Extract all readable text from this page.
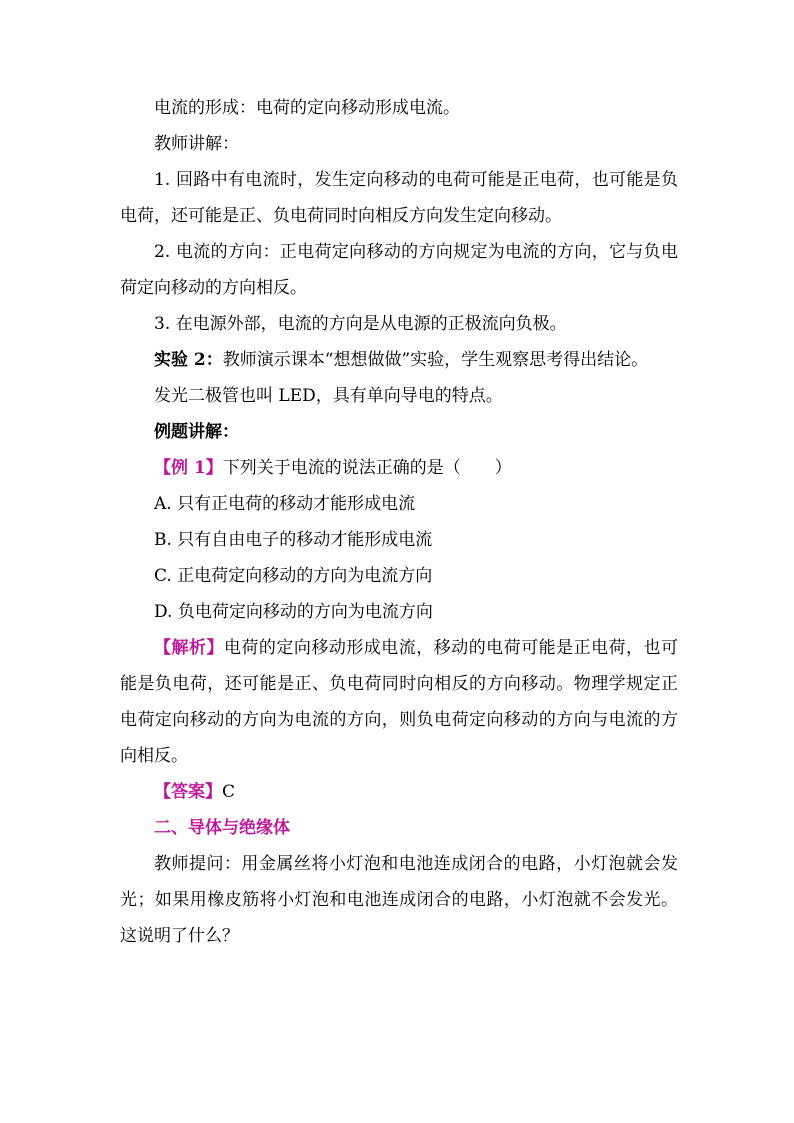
电流的形成：电荷的定向移动形成电流。

教师讲解：

1. 回路中有电流时，发生定向移动的电荷可能是正电荷，也可能是负电荷，还可能是正、负电荷同时向相反方向发生定向移动。

2. 电流的方向：正电荷定向移动的方向规定为电流的方向，它与负电荷定向移动的方向相反。

3. 在电源外部，电流的方向是从电源的正极流向负极。

实验 2：教师演示课本“想想做做”实验，学生观察思考得出结论。

发光二极管也叫 LED，具有单向导电的特点。

例题讲解：

【例 1】下列关于电流的说法正确的是（　　）

A. 只有正电荷的移动才能形成电流

B. 只有自由电子的移动才能形成电流

C. 正电荷定向移动的方向为电流方向

D. 负电荷定向移动的方向为电流方向

【解析】电荷的定向移动形成电流，移动的电荷可能是正电荷，也可能是负电荷，还可能是正、负电荷同时向相反的方向移动。物理学规定正电荷定向移动的方向为电流的方向，则负电荷定向移动的方向与电流的方向相反。

【答案】C

二、导体与绝缘体

教师提问：用金属丝将小灯泡和电池连成闭合的电路，小灯泡就会发光；如果用橡皮筋将小灯泡和电池连成闭合的电路，小灯泡就不会发光。这说明了什么？
